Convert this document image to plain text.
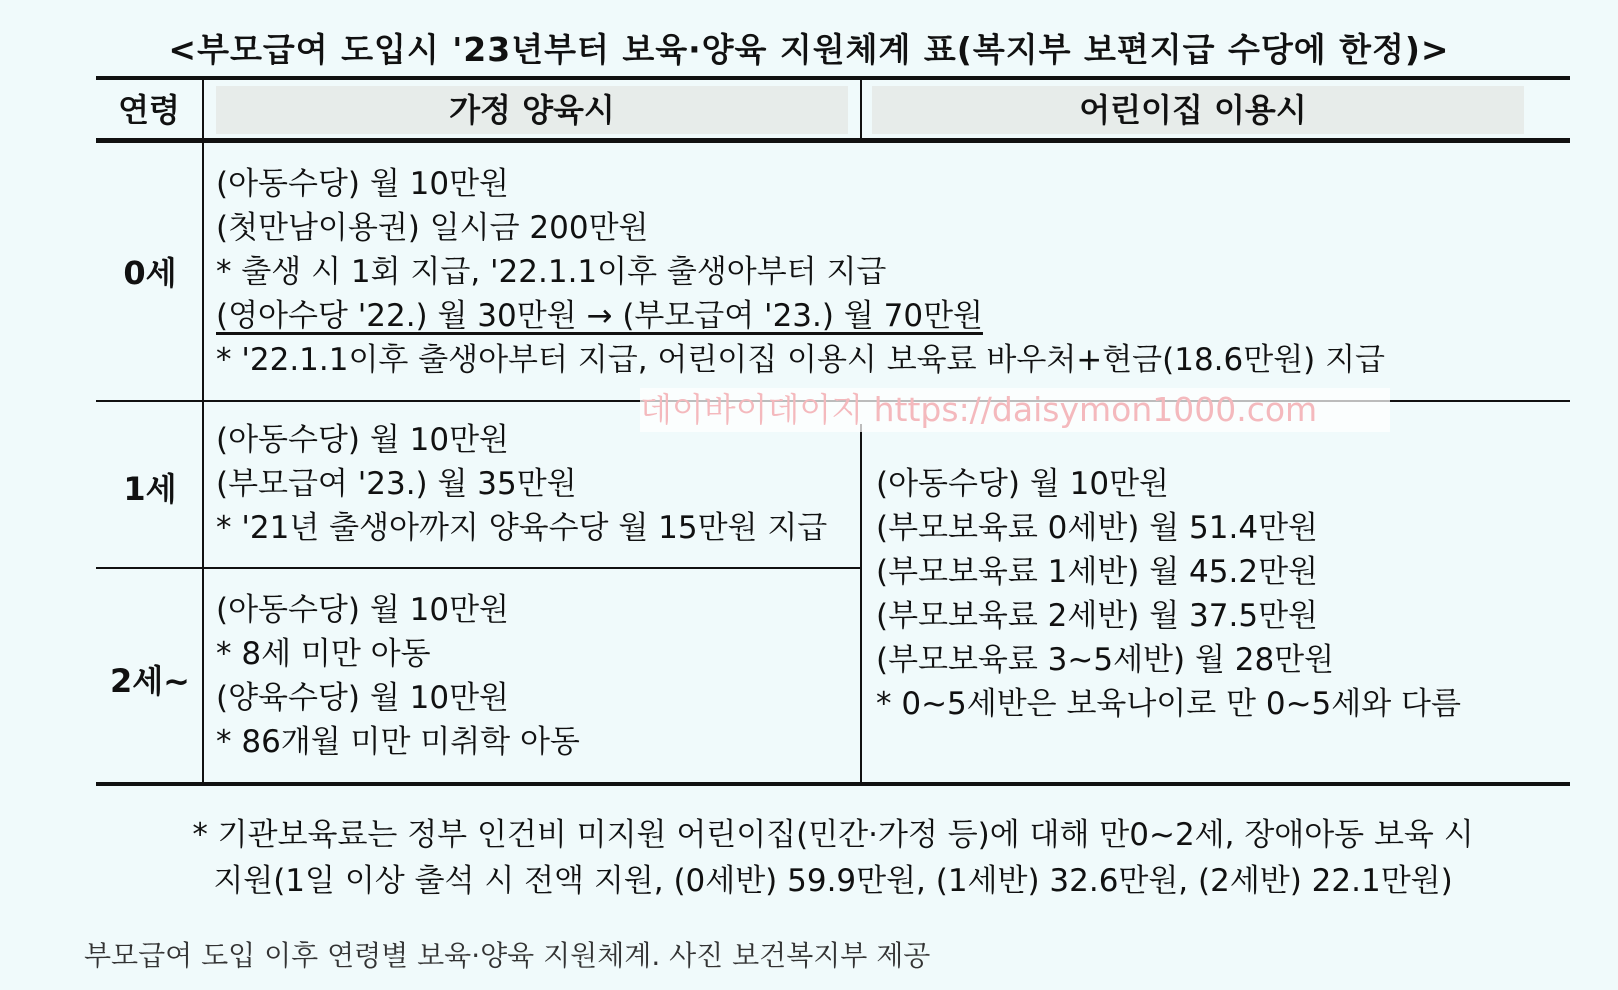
<부모급여 도입시 '23년부터 보육·양육 지원체계 표(복지부 보편지급 수당에 한정)>
연령	가정 양육시	어린이집 이용시
0세
1세
2세~
(아동수당) 월 10만원
(첫만남이용권) 일시금 200만원
* 출생 시 1회 지급, '22.1.1이후 출생아부터 지급
(영아수당 '22.) 월 30만원 → (부모급여 '23.) 월 70만원
* '22.1.1이후 출생아부터 지급, 어린이집 이용시 보육료 바우처+현금(18.6만원) 지급
(아동수당) 월 10만원
(부모급여 '23.) 월 35만원
* '21년 출생아까지 양육수당 월 15만원 지급
(아동수당) 월 10만원
* 8세 미만 아동
(양육수당) 월 10만원
* 86개월 미만 미취학 아동
(아동수당) 월 10만원
(부모보육료 0세반) 월 51.4만원
(부모보육료 1세반) 월 45.2만원
(부모보육료 2세반) 월 37.5만원
(부모보육료 3~5세반) 월 28만원
* 0~5세반은 보육나이로 만 0~5세와 다름
데이바이데이지 https://daisymon1000.com
* 기관보육료는 정부 인건비 미지원 어린이집(민간·가정 등)에 대해 만0~2세, 장애아동 보육 시
지원(1일 이상 출석 시 전액 지원, (0세반) 59.9만원, (1세반) 32.6만원, (2세반) 22.1만원)
부모급여 도입 이후 연령별 보육·양육 지원체계. 사진 보건복지부 제공
